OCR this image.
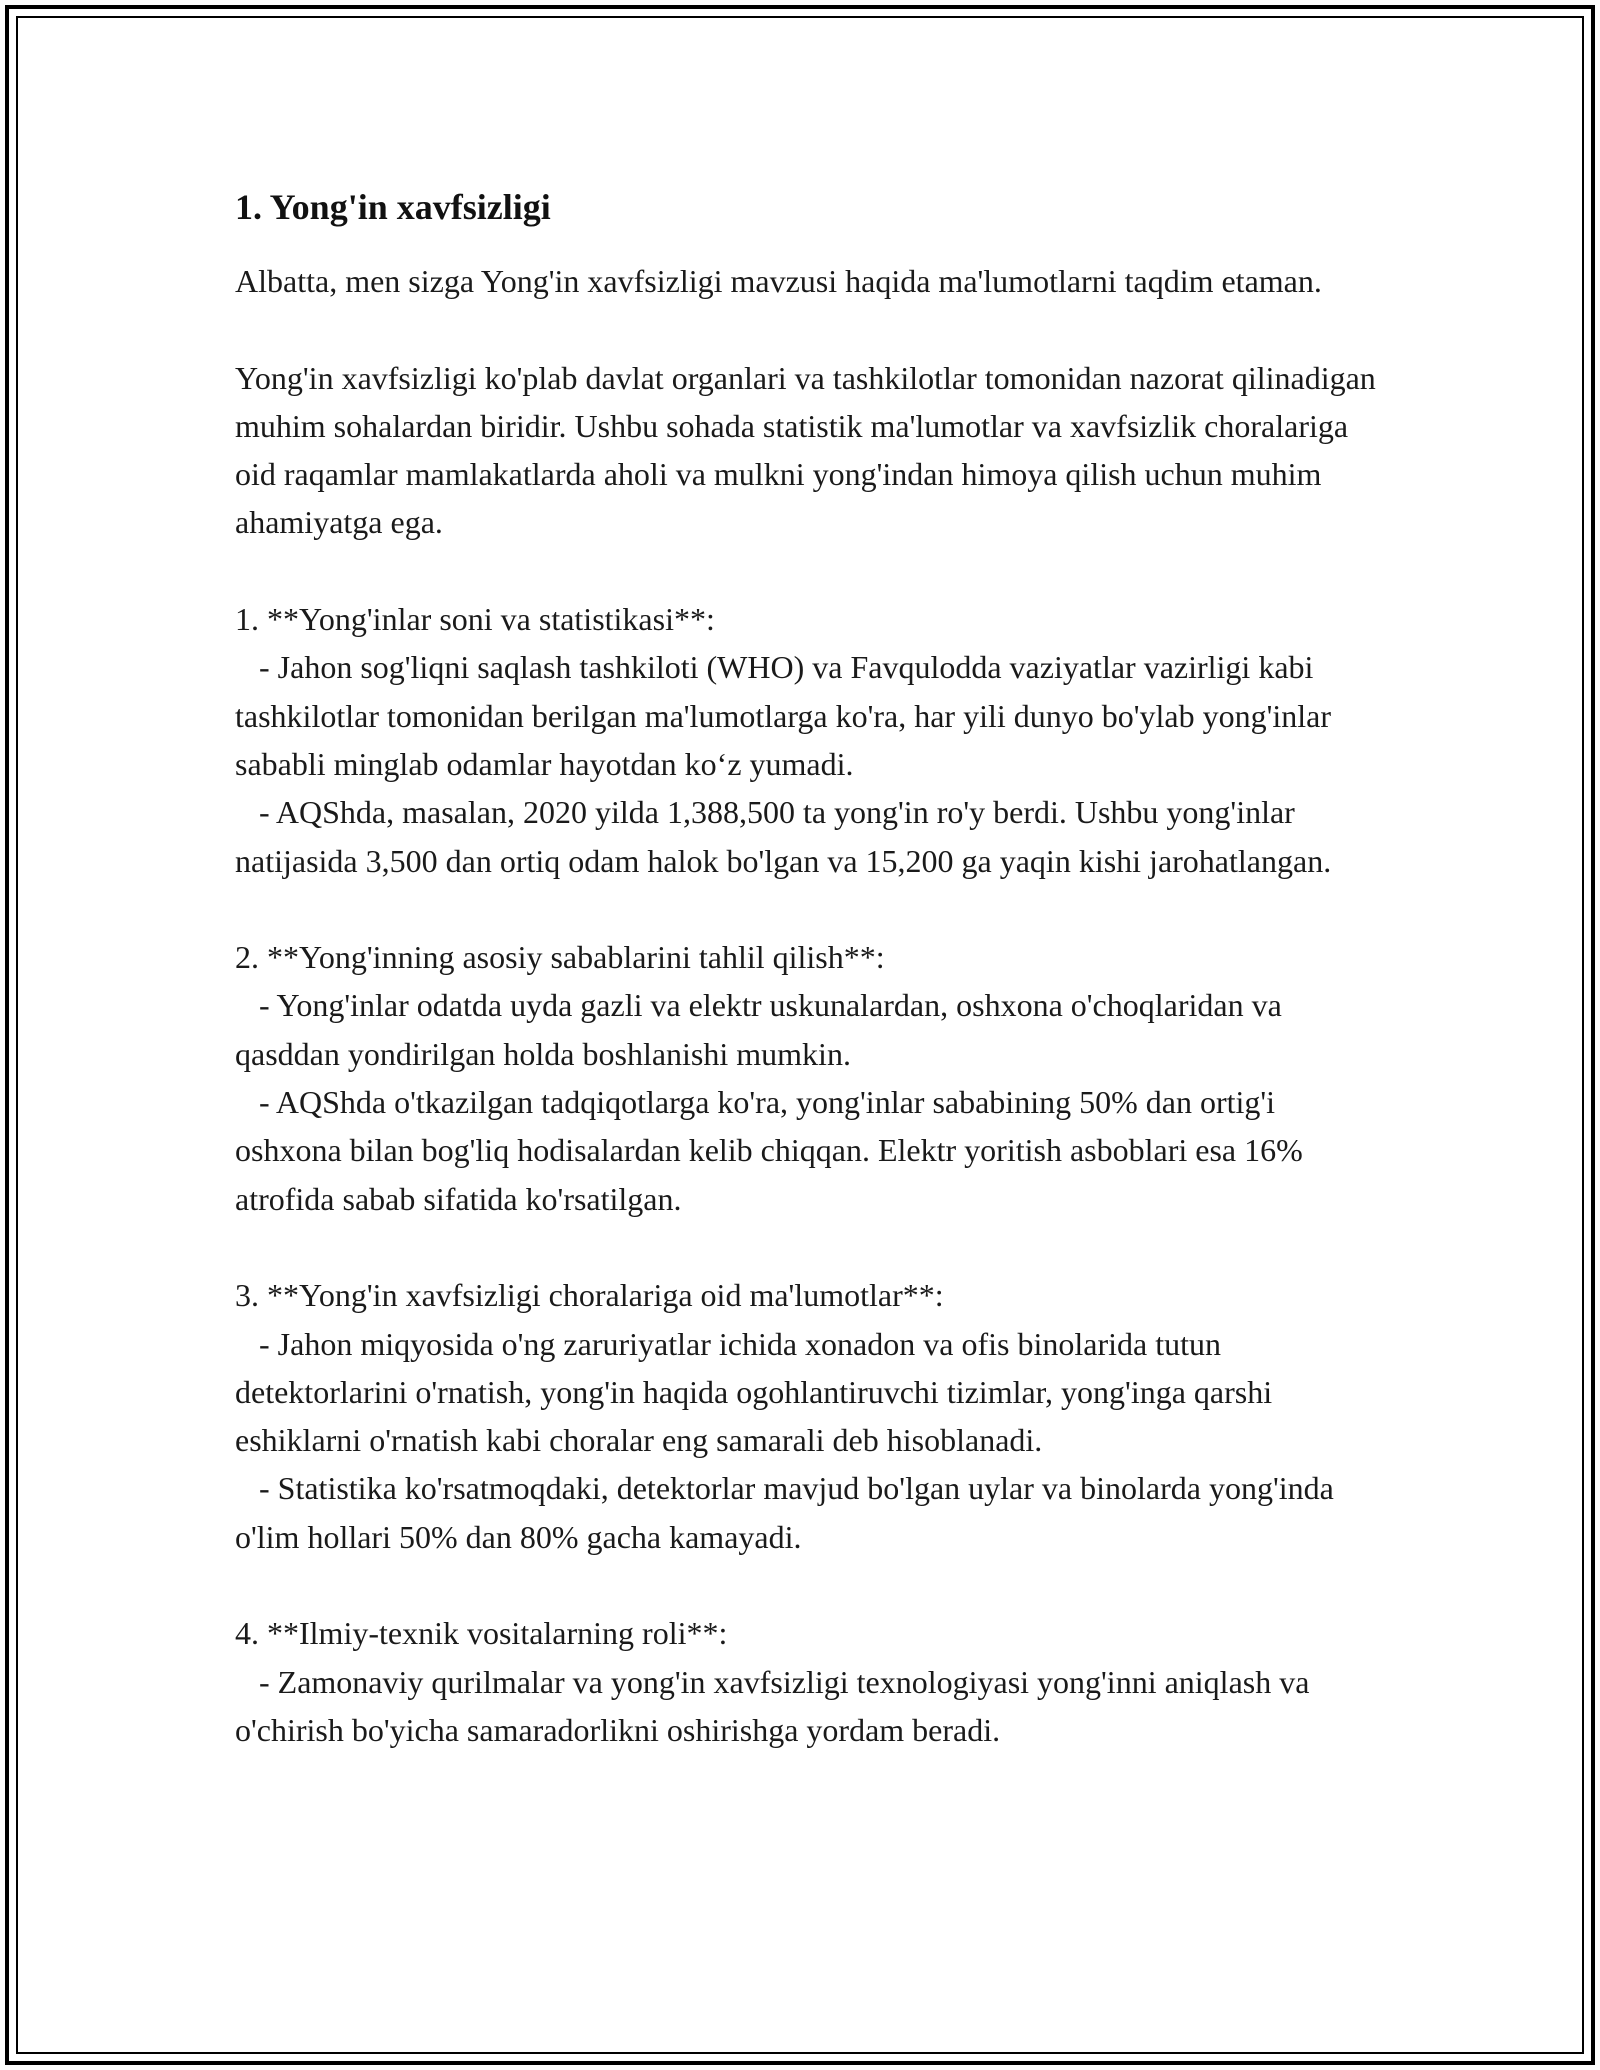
1. Yong'in xavfsizligi

Albatta, men sizga Yong'in xavfsizligi mavzusi haqida ma'lumotlarni taqdim etaman.

Yong'in xavfsizligi ko'plab davlat organlari va tashkilotlar tomonidan nazorat qilinadigan muhim sohalardan biridir. Ushbu sohada statistik ma'lumotlar va xavfsizlik choralariga oid raqamlar mamlakatlarda aholi va mulkni yong'indan himoya qilish uchun muhim ahamiyatga ega.

1. **Yong'inlar soni va statistikasi**:
- Jahon sog'liqni saqlash tashkiloti (WHO) va Favqulodda vaziyatlar vazirligi kabi tashkilotlar tomonidan berilgan ma'lumotlarga ko'ra, har yili dunyo bo'ylab yong'inlar sababli minglab odamlar hayotdan ko‘z yumadi.
- AQShda, masalan, 2020 yilda 1,388,500 ta yong'in ro'y berdi. Ushbu yong'inlar natijasida 3,500 dan ortiq odam halok bo'lgan va 15,200 ga yaqin kishi jarohatlangan.
2. **Yong'inning asosiy sabablarini tahlil qilish**:
- Yong'inlar odatda uyda gazli va elektr uskunalardan, oshxona o'choqlaridan va qasddan yondirilgan holda boshlanishi mumkin.
- AQShda o'tkazilgan tadqiqotlarga ko'ra, yong'inlar sababining 50% dan ortig'i oshxona bilan bog'liq hodisalardan kelib chiqqan. Elektr yoritish asboblari esa 16% atrofida sabab sifatida ko'rsatilgan.
3. **Yong'in xavfsizligi choralariga oid ma'lumotlar**:
- Jahon miqyosida o'ng zaruriyatlar ichida xonadon va ofis binolarida tutun detektorlarini o'rnatish, yong'in haqida ogohlantiruvchi tizimlar, yong'inga qarshi eshiklarni o'rnatish kabi choralar eng samarali deb hisoblanadi.
- Statistika ko'rsatmoqdaki, detektorlar mavjud bo'lgan uylar va binolarda yong'inda o'lim hollari 50% dan 80% gacha kamayadi.
4. **Ilmiy-texnik vositalarning roli**:
- Zamonaviy qurilmalar va yong'in xavfsizligi texnologiyasi yong'inni aniqlash va o'chirish bo'yicha samaradorlikni oshirishga yordam beradi.
